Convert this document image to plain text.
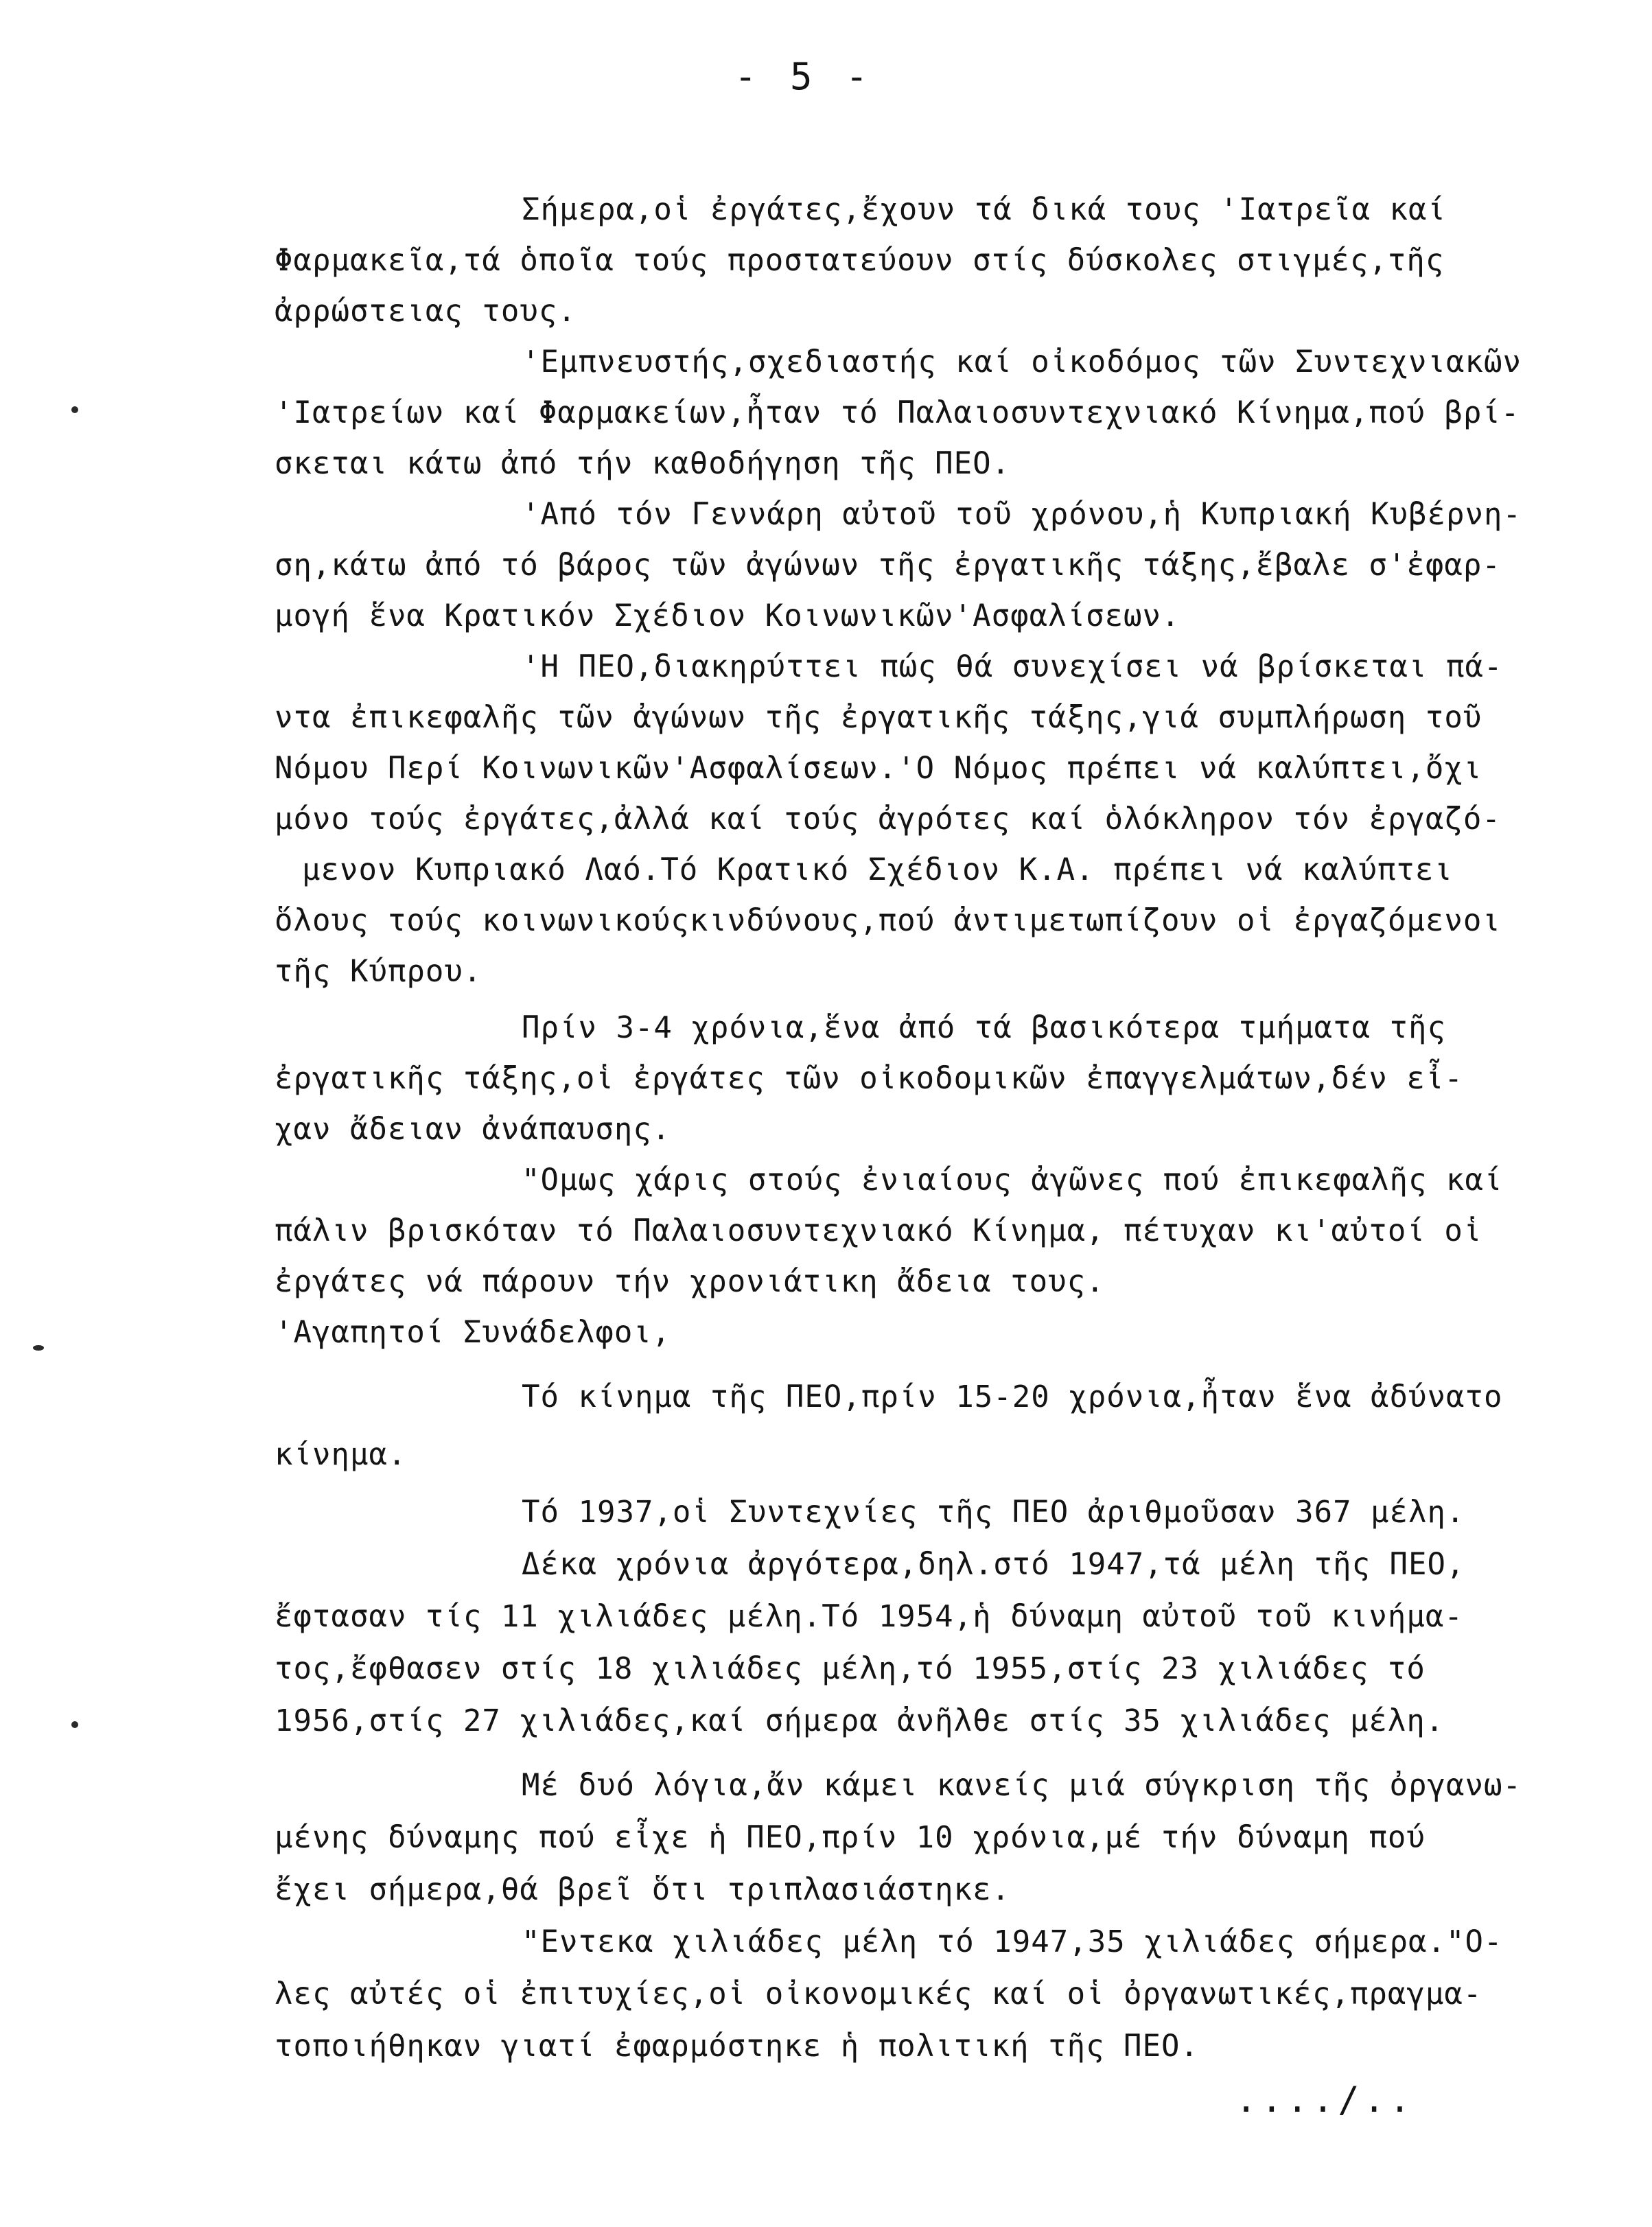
- 5 -
Σήμερα,οἱ ἐργάτες,ἔχουν τά δικά τους 'Ιατρεῖα καί
Φαρμακεῖα,τά ὁποῖα τούς προστατεύουν στίς δύσκολες στιγμές,τῆς
ἀρρώστειας τους.
'Εμπνευστής,σχεδιαστής καί οἰκοδόμος τῶν Συντεχνιακῶν
'Ιατρείων καί Φαρμακείων,ἦταν τό Παλαιοσυντεχνιακό Κίνημα,πού βρί-
σκεται κάτω ἀπό τήν καθοδήγηση τῆς ΠΕΟ.
'Από τόν Γεννάρη αὐτοῦ τοῦ χρόνου,ἡ Κυπριακή Κυβέρνη-
ση,κάτω ἀπό τό βάρος τῶν ἀγώνων τῆς ἐργατικῆς τάξης,ἔβαλε σ'ἐφαρ-
μογή ἕνα Κρατικόν Σχέδιον Κοινωνικῶν'Ασφαλίσεων.
'Η ΠΕΟ,διακηρύττει πώς θά συνεχίσει νά βρίσκεται πά-
ντα ἐπικεφαλῆς τῶν ἀγώνων τῆς ἐργατικῆς τάξης,γιά συμπλήρωση τοῦ
Νόμου Περί Κοινωνικῶν'Ασφαλίσεων.'Ο Νόμος πρέπει νά καλύπτει,ὄχι
μόνο τούς ἐργάτες,ἀλλά καί τούς ἀγρότες καί ὁλόκληρον τόν ἐργαζό-
μενον Κυπριακό Λαό.Τό Κρατικό Σχέδιον Κ.Α. πρέπει νά καλύπτει
ὅλους τούς κοινωνικούςκινδύνους,πού ἀντιμετωπίζουν οἱ ἐργαζόμενοι
τῆς Κύπρου.
Πρίν 3-4 χρόνια,ἕνα ἀπό τά βασικότερα τμήματα τῆς
ἐργατικῆς τάξης,οἱ ἐργάτες τῶν οἰκοδομικῶν ἐπαγγελμάτων,δέν εἶ-
χαν ἄδειαν ἀνάπαυσης.
"Ομως χάρις στούς ἐνιαίους ἀγῶνες πού ἐπικεφαλῆς καί
πάλιν βρισκόταν τό Παλαιοσυντεχνιακό Κίνημα, πέτυχαν κι'αὐτοί οἱ
ἐργάτες νά πάρουν τήν χρονιάτικη ἄδεια τους.
'Αγαπητοί Συνάδελφοι,
Τό κίνημα τῆς ΠΕΟ,πρίν 15-20 χρόνια,ἦταν ἕνα ἀδύνατο
κίνημα.
Τό 1937,οἱ Συντεχνίες τῆς ΠΕΟ ἀριθμοῦσαν 367 μέλη.
Δέκα χρόνια ἀργότερα,δηλ.στό 1947,τά μέλη τῆς ΠΕΟ,
ἔφτασαν τίς 11 χιλιάδες μέλη.Τό 1954,ἡ δύναμη αὐτοῦ τοῦ κινήμα-
τος,ἔφθασεν στίς 18 χιλιάδες μέλη,τό 1955,στίς 23 χιλιάδες τό
1956,στίς 27 χιλιάδες,καί σήμερα ἀνῆλθε στίς 35 χιλιάδες μέλη.
Μέ δυό λόγια,ἄν κάμει κανείς μιά σύγκριση τῆς ὀργανω-
μένης δύναμης πού εἶχε ἡ ΠΕΟ,πρίν 10 χρόνια,μέ τήν δύναμη πού
ἔχει σήμερα,θά βρεῖ ὅτι τριπλασιάστηκε.
"Εντεκα χιλιάδες μέλη τό 1947,35 χιλιάδες σήμερα."Ο-
λες αὐτές οἱ ἐπιτυχίες,οἱ οἰκονομικές καί οἱ ὀργανωτικές,πραγμα-
τοποιήθηκαν γιατί ἐφαρμόστηκε ἡ πολιτική τῆς ΠΕΟ.
..../..
